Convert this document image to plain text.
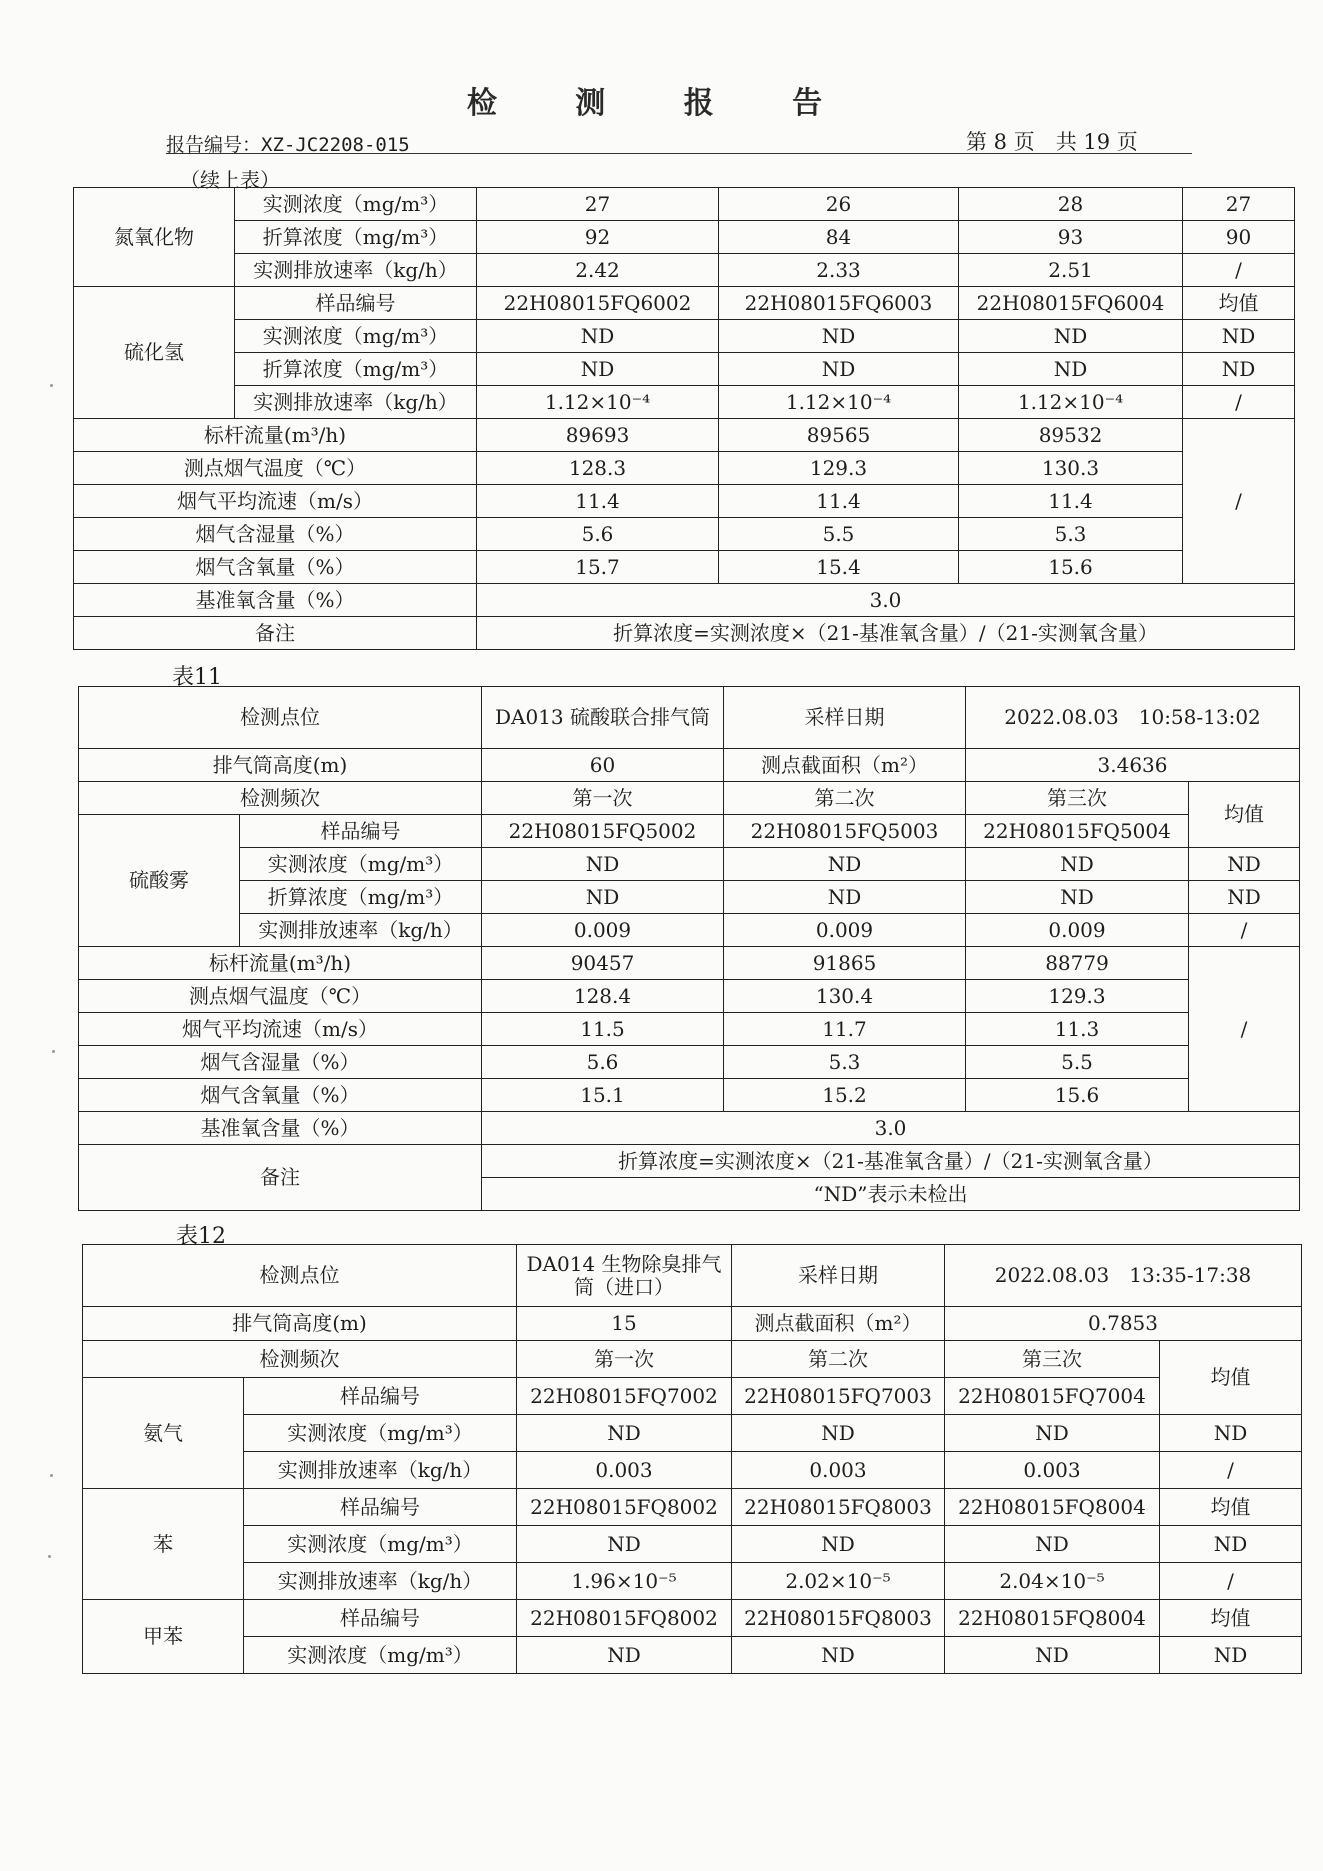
检 测 报 告
报告编号：XZ-JC2208-015	第 8 页　共 19 页
（续上表）
氮氧化物	实测浓度（mg/m³）	27	26	28	27
	折算浓度（mg/m³）	92	84	93	90
	实测排放速率（kg/h）	2.42	2.33	2.51	/
硫化氢	样品编号	22H08015FQ6002	22H08015FQ6003	22H08015FQ6004	均值
	实测浓度（mg/m³）	ND	ND	ND	ND
	折算浓度（mg/m³）	ND	ND	ND	ND
	实测排放速率（kg/h）	1.12×10⁻⁴	1.12×10⁻⁴	1.12×10⁻⁴	/
标杆流量(m³/h)		89693	89565	89532	/
测点烟气温度（℃）		128.3	129.3	130.3	
烟气平均流速（m/s）		11.4	11.4	11.4	
烟气含湿量（%）		5.6	5.5	5.3	
烟气含氧量（%）		15.7	15.4	15.6	
基准氧含量（%）		3.0			
备注		折算浓度=实测浓度×（21-基准氧含量）/（21-实测氧含量）			
表11
检测点位		DA013 硫酸联合排气筒	采样日期	2022.08.03　10:58-13:02	
排气筒高度(m)		60	测点截面积（m²）	3.4636	
检测频次		第一次	第二次	第三次	均值
硫酸雾	样品编号	22H08015FQ5002	22H08015FQ5003	22H08015FQ5004	
	实测浓度（mg/m³）	ND	ND	ND	ND
	折算浓度（mg/m³）	ND	ND	ND	ND
	实测排放速率（kg/h）	0.009	0.009	0.009	/
标杆流量(m³/h)		90457	91865	88779	/
测点烟气温度（℃）		128.4	130.4	129.3	
烟气平均流速（m/s）		11.5	11.7	11.3	
烟气含湿量（%）		5.6	5.3	5.5	
烟气含氧量（%）		15.1	15.2	15.6	
基准氧含量（%）		3.0			
备注		折算浓度=实测浓度×（21-基准氧含量）/（21-实测氧含量）			
		“ND”表示未检出			
表12
检测点位		DA014 生物除臭排气筒（进口）	采样日期	2022.08.03　13:35-17:38	
排气筒高度(m)		15	测点截面积（m²）	0.7853	
检测频次		第一次	第二次	第三次	均值
氨气	样品编号	22H08015FQ7002	22H08015FQ7003	22H08015FQ7004	
	实测浓度（mg/m³）	ND	ND	ND	ND
	实测排放速率（kg/h）	0.003	0.003	0.003	/
苯	样品编号	22H08015FQ8002	22H08015FQ8003	22H08015FQ8004	均值
	实测浓度（mg/m³）	ND	ND	ND	ND
	实测排放速率（kg/h）	1.96×10⁻⁵	2.02×10⁻⁵	2.04×10⁻⁵	/
甲苯	样品编号	22H08015FQ8002	22H08015FQ8003	22H08015FQ8004	均值
	实测浓度（mg/m³）	ND	ND	ND	ND
